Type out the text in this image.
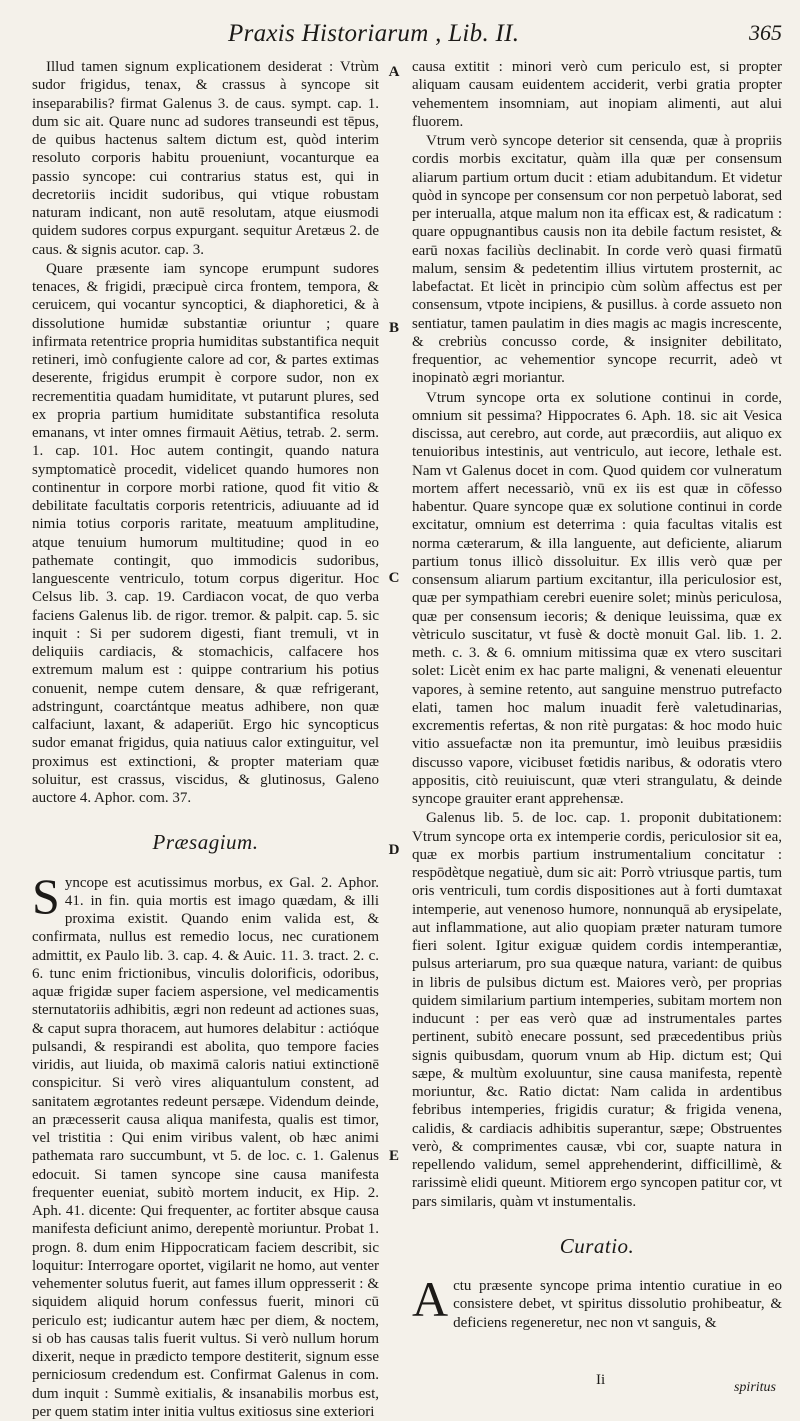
Praxis Historiarum , Lib. II.	365
A
B
C
D
E

Illud tamen signum explicationem desiderat : Vtrùm sudor frigidus, tenax, & crassus à syncope sit inseparabilis? firmat Galenus 3. de caus. sympt. cap. 1. dum sic ait. Quare nunc ad sudores transeundi est tēpus, de quibus hactenus saltem dictum est, quòd interim resoluto corporis habitu proueniunt, vocanturque ea passio syncope: cui contrarius status est, qui in decretoriis incidit sudoribus, qui vtique robustam naturam indicant, non autē resolutam, atque eiusmodi quidem sudores corpus expurgant. sequitur Aretæus 2. de caus. & signis acutor. cap. 3.

Quare præsente iam syncope erumpunt sudores tenaces, & frigidi, præcipuè circa frontem, tempora, & ceruicem, qui vocantur syncoptici, & diaphoretici, & à dissolutione humidæ substantiæ oriuntur ; quare infirmata retentrice propria humiditas substantifica nequit retineri, imò confugiente calore ad cor, & partes extimas deserente, frigidus erumpit è corpore sudor, non ex recrementitia quadam humiditate, vt putarunt plures, sed ex propria partium humiditate substantifica resoluta emanans, vt inter omnes firmauit Aëtius, tetrab. 2. serm. 1. cap. 101. Hoc autem contingit, quando natura symptomaticè procedit, videlicet quando humores non continentur in corpore morbi ratione, quod fit vitio & debilitate facultatis corporis retentricis, adiuuante ad id nimia totius corporis raritate, meatuum amplitudine, atque tenuium humorum multitudine; quod in eo pathemate contingit, quo immodicis sudoribus, languescente ventriculo, totum corpus digeritur. Hoc Celsus lib. 3. cap. 19. Cardiacon vocat, de quo verba faciens Galenus lib. de rigor. tremor. & palpit. cap. 5. sic inquit : Si per sudorem digesti, fiant tremuli, vt in deliquiis cardiacis, & stomachicis, calfacere hos extremum malum est : quippe contrarium his potius conuenit, nempe cutem densare, & quæ refrigerant, adstringunt, coarctántque meatus adhibere, non quæ calfaciunt, laxant, & adaperiūt. Ergo hic syncopticus sudor emanat frigidus, quia natiuus calor extinguitur, vel proximus est extinctioni, & propter materiam quæ soluitur, est crassus, viscidus, & glutinosus, Galeno auctore 4. Aphor. com. 37.

Præsagium.

Syncope est acutissimus morbus, ex Gal. 2. Aphor. 41. in fin. quia mortis est imago quædam, & illi proxima existit. Quando enim valida est, & confirmata, nullus est remedio locus, nec curationem admittit, ex Paulo lib. 3. cap. 4. & Auic. 11. 3. tract. 2. c. 6. tunc enim frictionibus, vinculis dolorificis, odoribus, aquæ frigidæ super faciem aspersione, vel medicamentis sternutatoriis adhibitis, ægri non redeunt ad actiones suas, & caput supra thoracem, aut humores delabitur : actióque pulsandi, & respirandi est abolita, quo tempore facies viridis, aut liuida, ob maximā caloris natiui extinctionē conspicitur. Si verò vires aliquantulum constent, ad sanitatem ægrotantes redeunt persæpe. Videndum deinde, an præcesserit causa aliqua manifesta, qualis est timor, vel tristitia : Qui enim viribus valent, ob hæc animi pathemata raro succumbunt, vt 5. de loc. c. 1. Galenus edocuit. Si tamen syncope sine causa manifesta frequenter eueniat, subitò mortem inducit, ex Hip. 2. Aph. 41. dicente: Qui frequenter, ac fortiter absque causa manifesta deficiunt animo, derepentè moriuntur. Probat 1. progn. 8. dum enim Hippocraticam faciem describit, sic loquitur: Interrogare oportet, vigilarit ne homo, aut venter vehementer solutus fuerit, aut fames illum oppresserit : & siquidem aliquid horum confessus fuerit, minori cū periculo est; iudicantur autem hæc per diem, & noctem, si ob has causas talis fuerit vultus. Si verò nullum horum dixerit, neque in prædicto tempore destiterit, signum esse perniciosum credendum est. Confirmat Galenus in com. dum inquit : Summè exitialis, & insanabilis morbus est, per quem statim inter initia vultus exitiosus sine exteriori

causa extitit : minori verò cum periculo est, si propter aliquam causam euidentem acciderit, verbi gratia propter vehementem insomniam, aut inopiam alimenti, aut alui fluorem.

Vtrum verò syncope deterior sit censenda, quæ à propriis cordis morbis excitatur, quàm illa quæ per consensum aliarum partium ortum ducit : etiam adubitandum. Et videtur quòd in syncope per consensum cor non perpetuò laborat, sed per interualla, atque malum non ita efficax est, & radicatum : quare oppugnantibus causis non ita debile factum resistet, & earū noxas faciliùs declinabit. In corde verò quasi firmatū malum, sensim & pedetentim illius virtutem prosternit, ac labefactat. Et licèt in principio cùm solùm affectus est per consensum, vtpote incipiens, & pusillus. à corde assueto non sentiatur, tamen paulatim in dies magis ac magis increscente, & crebriùs concusso corde, & insigniter debilitato, frequentior, ac vehementior syncope recurrit, adeò vt inopinatò ægri moriantur.

Vtrum syncope orta ex solutione continui in corde, omnium sit pessima? Hippocrates 6. Aph. 18. sic ait Vesica discissa, aut cerebro, aut corde, aut præcordiis, aut aliquo ex tenuioribus intestinis, aut ventriculo, aut iecore, lethale est. Nam vt Galenus docet in com. Quod quidem cor vulneratum mortem affert necessariò, vnū ex iis est quæ in cōfesso habentur. Quare syncope quæ ex solutione continui in corde excitatur, omnium est deterrima : quia facultas vitalis est norma cæterarum, & illa languente, aut deficiente, aliarum partium tonus illicò dissoluitur. Ex illis verò quæ per consensum aliarum partium excitantur, illa periculosior est, quæ per sympathiam cerebri euenire solet; minùs periculosa, quæ per consensum iecoris; & denique leuissima, quæ ex vètriculo suscitatur, vt fusè & doctè monuit Gal. lib. 1. 2. meth. c. 3. & 6. omnium mitissima quæ ex vtero suscitari solet: Licèt enim ex hac parte maligni, & venenati eleuentur vapores, à semine retento, aut sanguine menstruo putrefacto elati, tamen hoc malum inuadit ferè valetudinarias, excrementis refertas, & non ritè purgatas: & hoc modo huic vitio assuefactæ non ita premuntur, imò leuibus præsidiis discusso vapore, vicibuset fœtidis naribus, & odoratis vtero appositis, citò reuiuiscunt, quæ vteri strangulatu, & deinde syncope grauiter erant apprehensæ.

Galenus lib. 5. de loc. cap. 1. proponit dubitationem: Vtrum syncope orta ex intemperie cordis, periculosior sit ea, quæ ex morbis partium instrumentalium concitatur : respōdètque negatiuè, dum sic ait: Porrò vtriusque partis, tum oris ventriculi, tum cordis dispositiones aut à forti dumtaxat intemperie, aut venenoso humore, nonnunquā ab erysipelate, aut inflammatione, aut alio quopiam præter naturam tumore fieri solent. Igitur exiguæ quidem cordis intemperantiæ, pulsus arteriarum, pro sua quæque natura, variant: de quibus in libris de pulsibus dictum est. Maiores verò, per proprias quidem similarium partium intemperies, subitam mortem non inducunt : per eas verò quæ ad instrumentales partes pertinent, subitò enecare possunt, sed præcedentibus priùs signis quibusdam, quorum vnum ab Hip. dictum est; Qui sæpe, & multùm exoluuntur, sine causa manifesta, repentè moriuntur, &c. Ratio dictat: Nam calida in ardentibus febribus intemperies, frigidis curatur; & frigida venena, calidis, & cardiacis adhibitis superantur, sæpe; Obstruentes verò, & comprimentes causæ, vbi cor, suapte natura in repellendo validum, semel apprehenderint, difficillimè, & rarissimè elidi queunt. Mitiorem ergo syncopen patitur cor, vt pars similaris, quàm vt instumentalis.

Curatio.

Actu præsente syncope prima intentio curatiue in eo consistere debet, vt spiritus dissolutio prohibeatur, & deficiens regeneretur, nec non vt sanguis, &

Ii	spiritus
